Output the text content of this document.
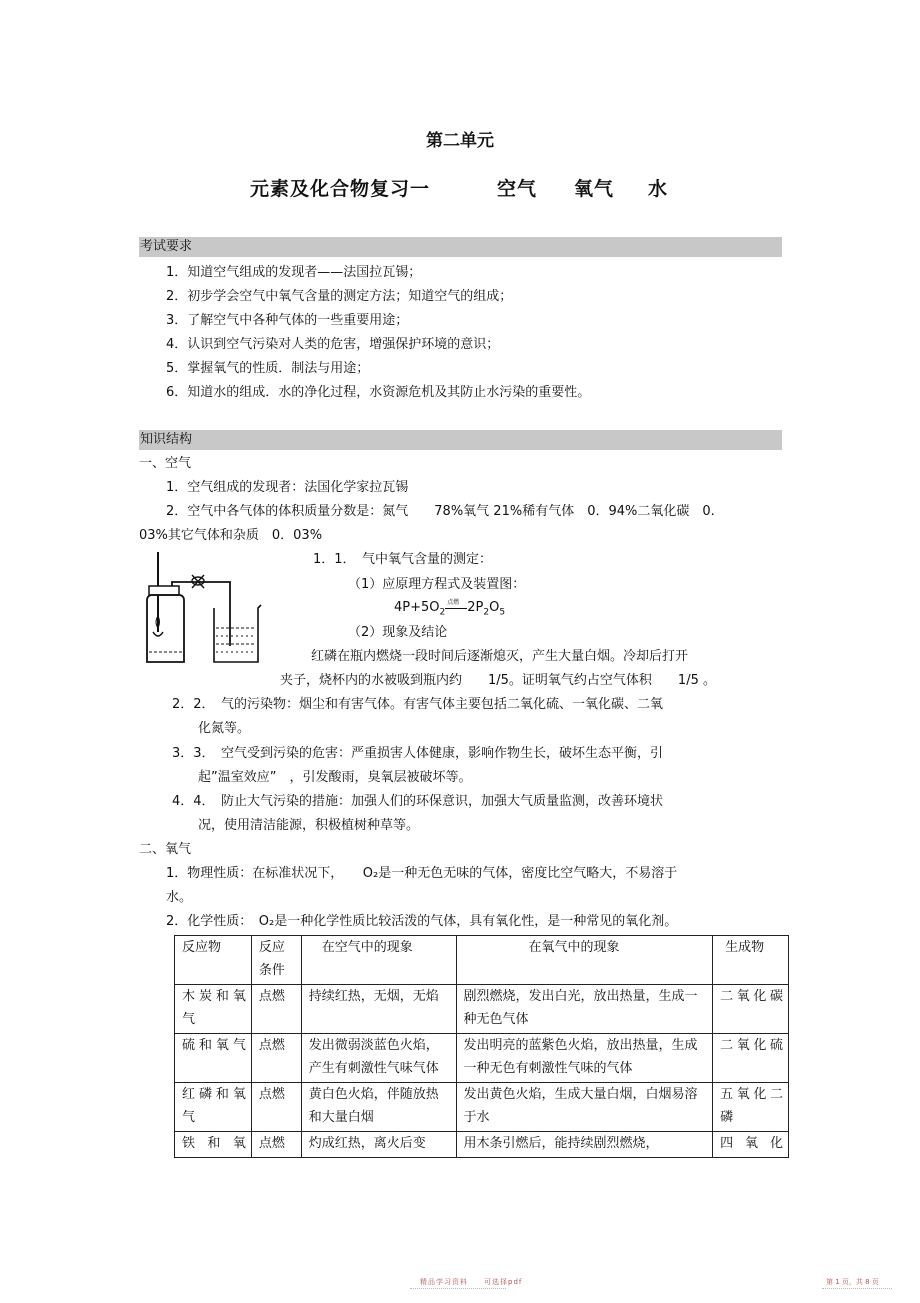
第二单元
元素及化合物复习一	空气 氧气 水
考试要求
1．知道空气组成的发现者——法国拉瓦锡；
2．初步学会空气中氧气含量的测定方法；知道空气的组成；
3．了解空气中各种气体的一些重要用途；
4．认识到空气污染对人类的危害，增强保护环境的意识；
5．掌握氧气的性质．制法与用途；
6．知道水的组成．水的净化过程，水资源危机及其防止水污染的重要性。
知识结构
一、空气
1．空气组成的发现者：法国化学家拉瓦锡
2．空气中各气体的体积质量分数是：氮气　　78%氧气 21%稀有气体　0．94%二氧化碳　0.
03%其它气体和杂质　0．03%
1．1．　气中氧气含量的测定：
（1）应原理方程式及装置图：
$4P+5O_2$
点燃 $2P_2O_5$
（2）现象及结论
红磷在瓶内燃烧一段时间后逐渐熄灭，产生大量白烟。冷却后打开
夹子，烧杯内的水被吸到瓶内约　　1/5。证明氧气约占空气体积　　1/5 。
2．2．　气的污染物：烟尘和有害气体。有害气体主要包括二氧化硫、一氧化碳、二氧
化氮等。
3．3．　空气受到污染的危害：严重损害人体健康，影响作物生长，破坏生态平衡，引
起”温室效应”　，引发酸雨，臭氧层被破坏等。
4．4．　防止大气污染的措施：加强人们的环保意识，加强大气质量监测，改善环境状
况，使用清洁能源，积极植树种草等。
二、氧气
1．物理性质：在标准状况下，　　O₂是一种无色无味的气体，密度比空气略大，不易溶于
水。
2．化学性质：　O₂是一种化学性质比较活泼的气体，具有氧化性，是一种常见的氧化剂。
反应物	反应条件	在空气中的现象	在氧气中的现象	生成物
木炭和氧气	点燃	持续红热，无烟，无焰	剧烈燃烧，发出白光，放出热量，生成一种无色气体	二氧化碳
硫和氧气	点燃	发出微弱淡蓝色火焰，产生有刺激性气味气体	发出明亮的蓝紫色火焰，放出热量，生成一种无色有刺激性气味的气体	二氧化硫
红磷和氧气	点燃	黄白色火焰，伴随放热和大量白烟	发出黄色火焰，生成大量白烟，白烟易溶于水	五氧化二磷
铁和氧	点燃	灼成红热，离火后变	用木条引燃后，能持续剧烈燃烧，	四氧化
精品学习资料　　可选择pdf	第 1 页，共 8 页
